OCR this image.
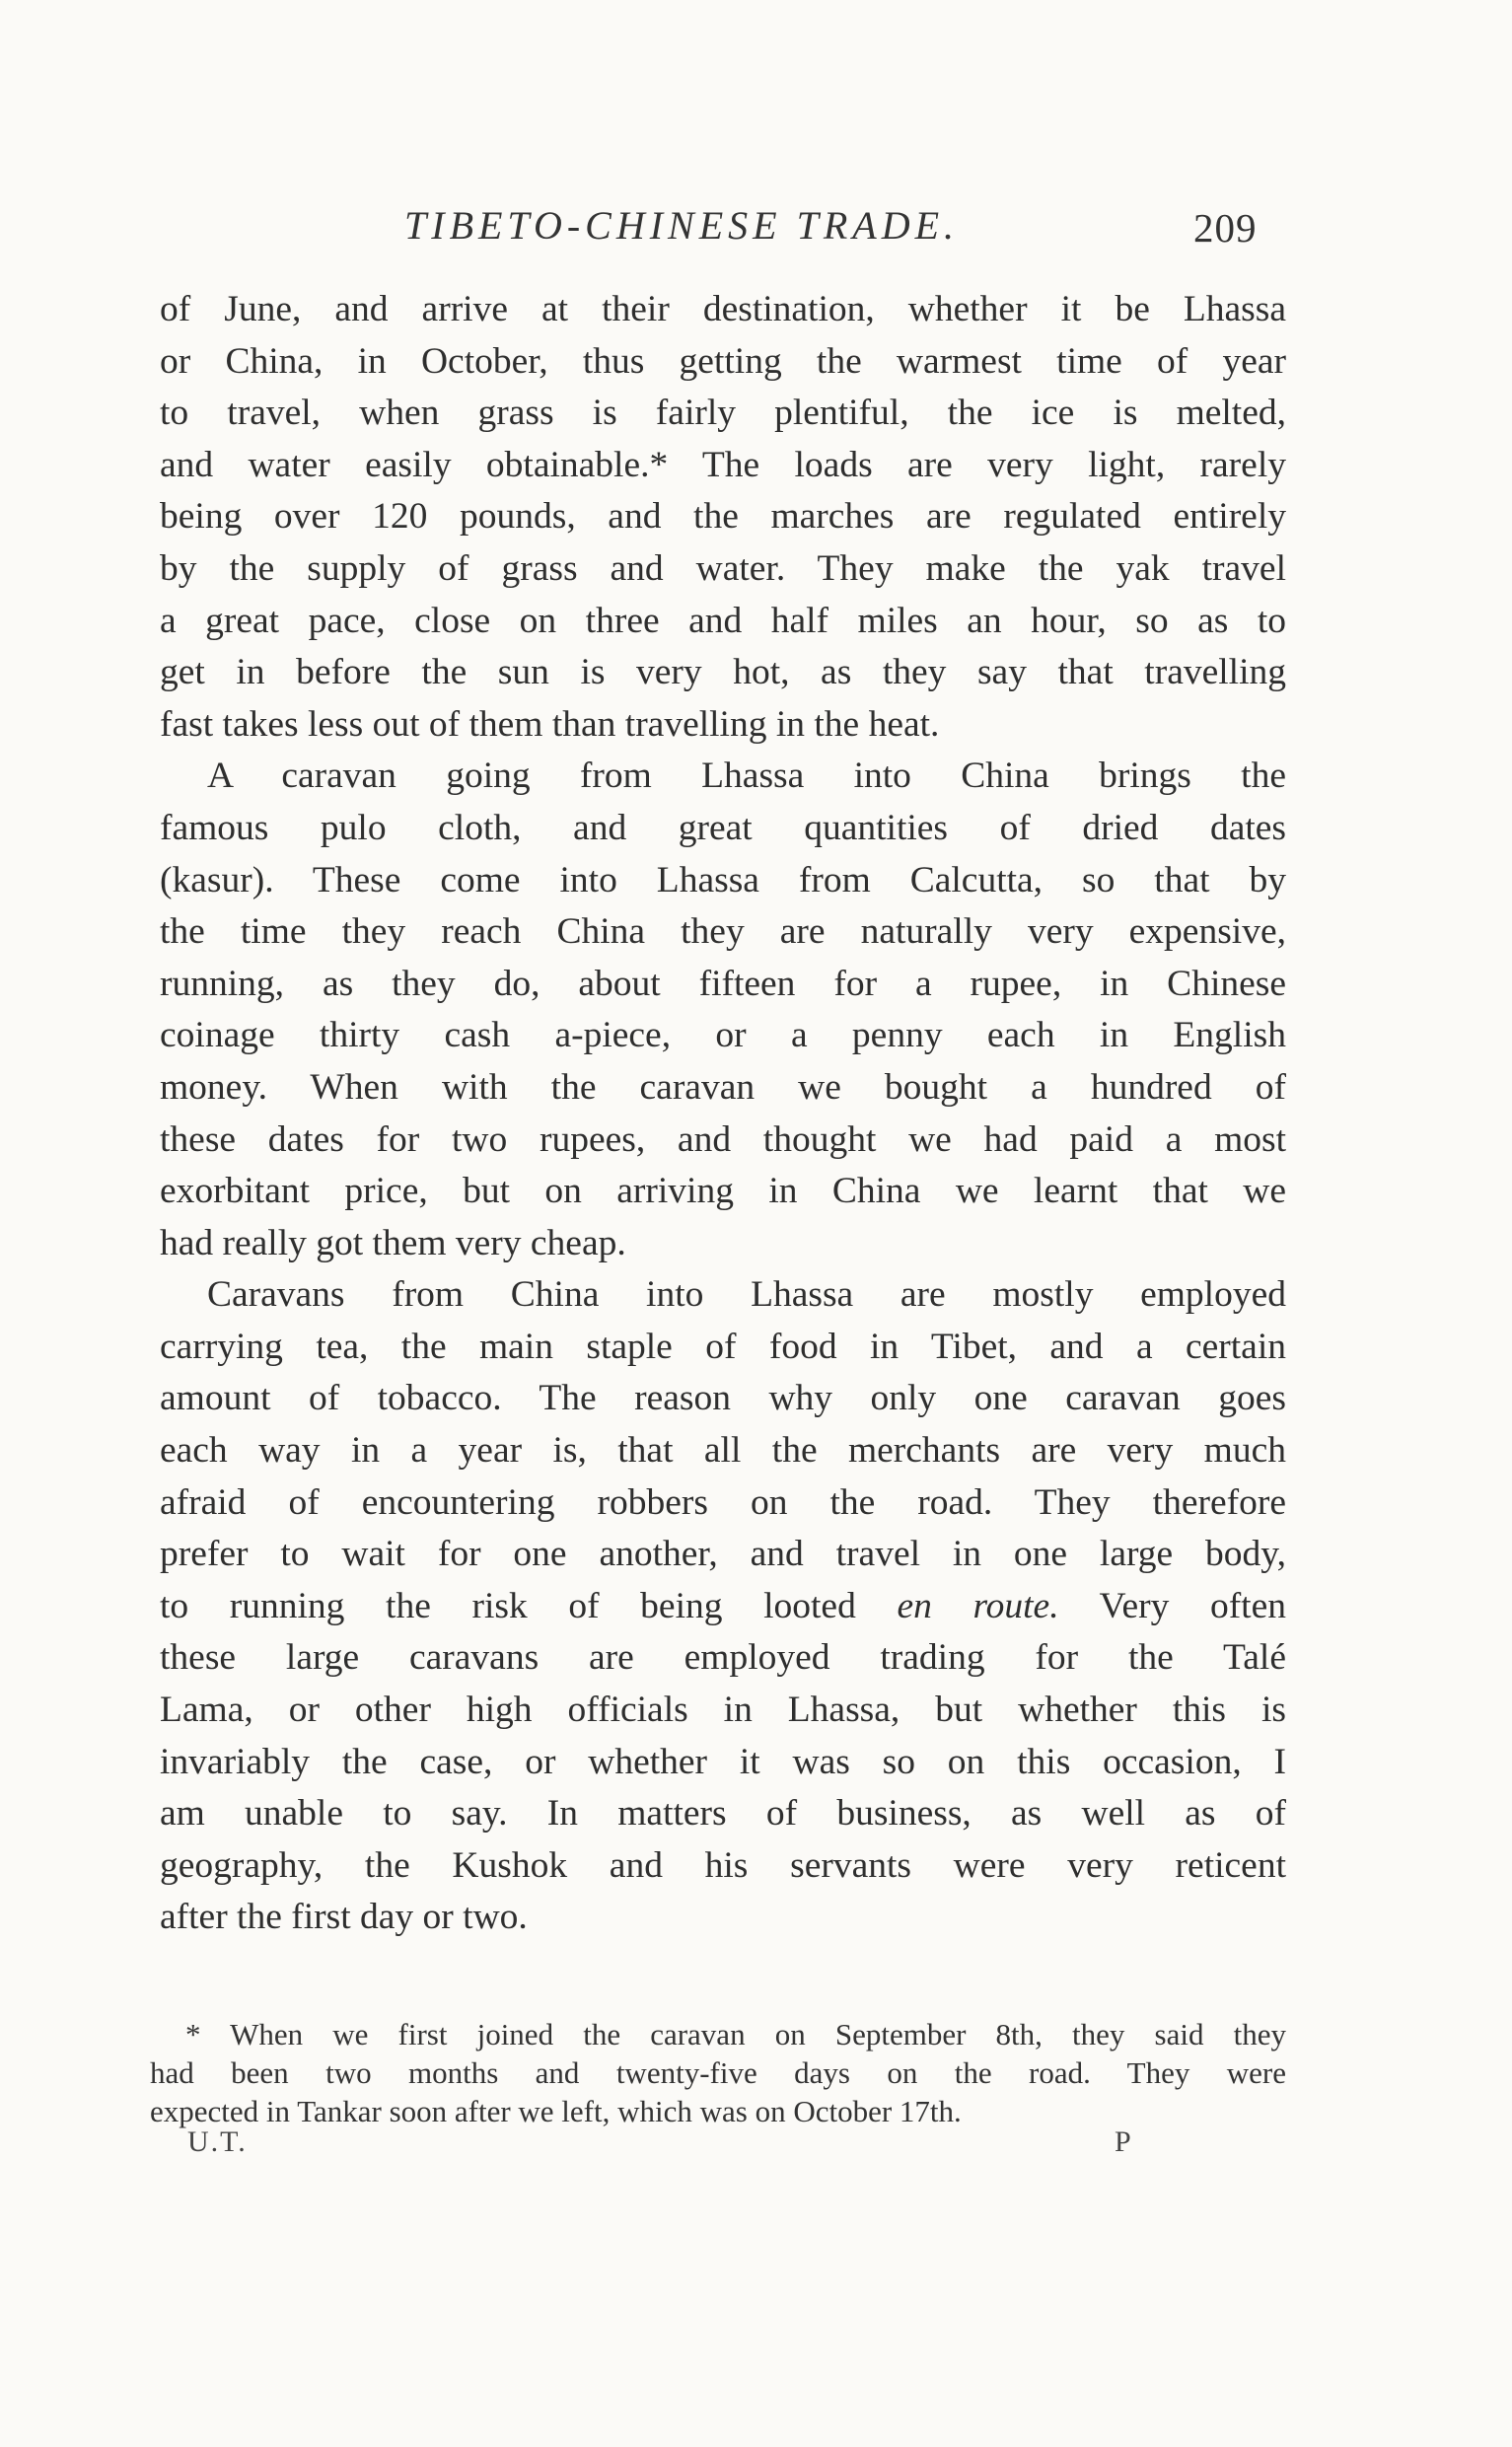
TIBETO-CHINESE TRADE.	209
of June, and arrive at their destination, whether it be Lhassa
or China, in October, thus getting the warmest time of year
to travel, when grass is fairly plentiful, the ice is melted,
and water easily obtainable.* The loads are very light, rarely
being over 120 pounds, and the marches are regulated entirely
by the supply of grass and water. They make the yak travel
a great pace, close on three and half miles an hour, so as to
get in before the sun is very hot, as they say that travelling
fast takes less out of them than travelling in the heat.
A caravan going from Lhassa into China brings the
famous pulo cloth, and great quantities of dried dates
(kasur). These come into Lhassa from Calcutta, so that by
the time they reach China they are naturally very expensive,
running, as they do, about fifteen for a rupee, in Chinese
coinage thirty cash a-piece, or a penny each in English
money. When with the caravan we bought a hundred of
these dates for two rupees, and thought we had paid a most
exorbitant price, but on arriving in China we learnt that we
had really got them very cheap.
Caravans from China into Lhassa are mostly employed
carrying tea, the main staple of food in Tibet, and a certain
amount of tobacco. The reason why only one caravan goes
each way in a year is, that all the merchants are very much
afraid of encountering robbers on the road. They therefore
prefer to wait for one another, and travel in one large body,
to running the risk of being looted en route. Very often
these large caravans are employed trading for the Talé
Lama, or other high officials in Lhassa, but whether this is
invariably the case, or whether it was so on this occasion, I
am unable to say. In matters of business, as well as of
geography, the Kushok and his servants were very reticent
after the first day or two.
* When we first joined the caravan on September 8th, they said they
had been two months and twenty-five days on the road. They were
expected in Tankar soon after we left, which was on October 17th.
U.T.	P
